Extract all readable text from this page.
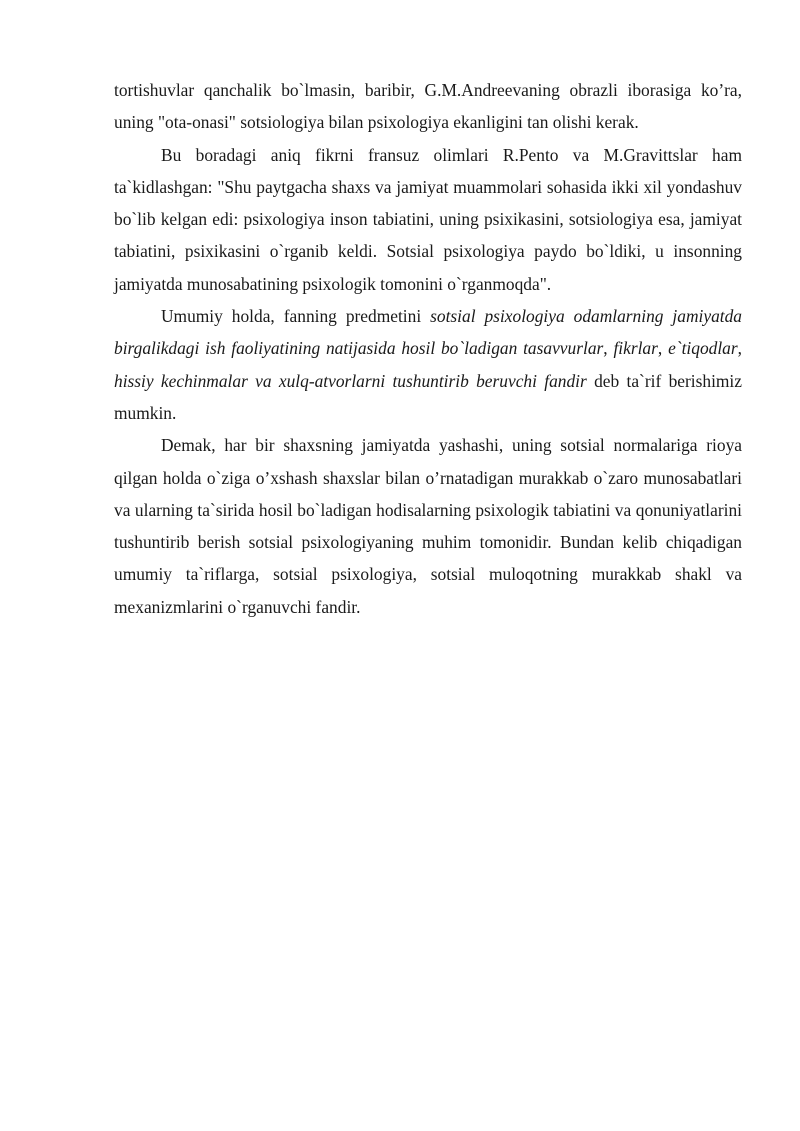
tortishuvlar qanchalik bo`lmasin, baribir, G.M.Andreevaning obrazli iborasiga ko’ra, uning "ota-onasi" sotsiologiya bilan psixologiya ekanligini tan olishi kerak.

Bu boradagi aniq fikrni fransuz olimlari R.Pento va M.Gravittslar ham ta`kidlashgan: "Shu paytgacha shaxs va jamiyat muammolari sohasida ikki xil yondashuv bo`lib kelgan edi: psixologiya inson tabiatini, uning psixikasini, sotsiologiya esa, jamiyat tabiatini, psixikasini o`rganib keldi. Sotsial psixologiya paydo bo`ldiki, u insonning jamiyatda munosabatining psixologik tomonini o`rganmoqda".

Umumiy holda, fanning predmetini sotsial psixologiya odamlarning jamiyatda birgalikdagi ish faoliyatining natijasida hosil bo`ladigan tasavvurlar, fikrlar, e`tiqodlar, hissiy kechinmalar va xulq-atvorlarni tushuntirib beruvchi fandir deb ta`rif berishimiz mumkin.

Demak, har bir shaxsning jamiyatda yashashi, uning sotsial normalariga rioya qilgan holda o`ziga o’xshash shaxslar bilan o’rnatadigan murakkab o`zaro munosabatlari va ularning ta`sirida hosil bo`ladigan hodisalarning psixologik tabiatini va qonuniyatlarini tushuntirib berish sotsial psixologiyaning muhim tomonidir. Bundan kelib chiqadigan umumiy ta`riflarga, sotsial psixologiya, sotsial muloqotning murakkab shakl va mexanizmlarini o`rganuvchi fandir.
